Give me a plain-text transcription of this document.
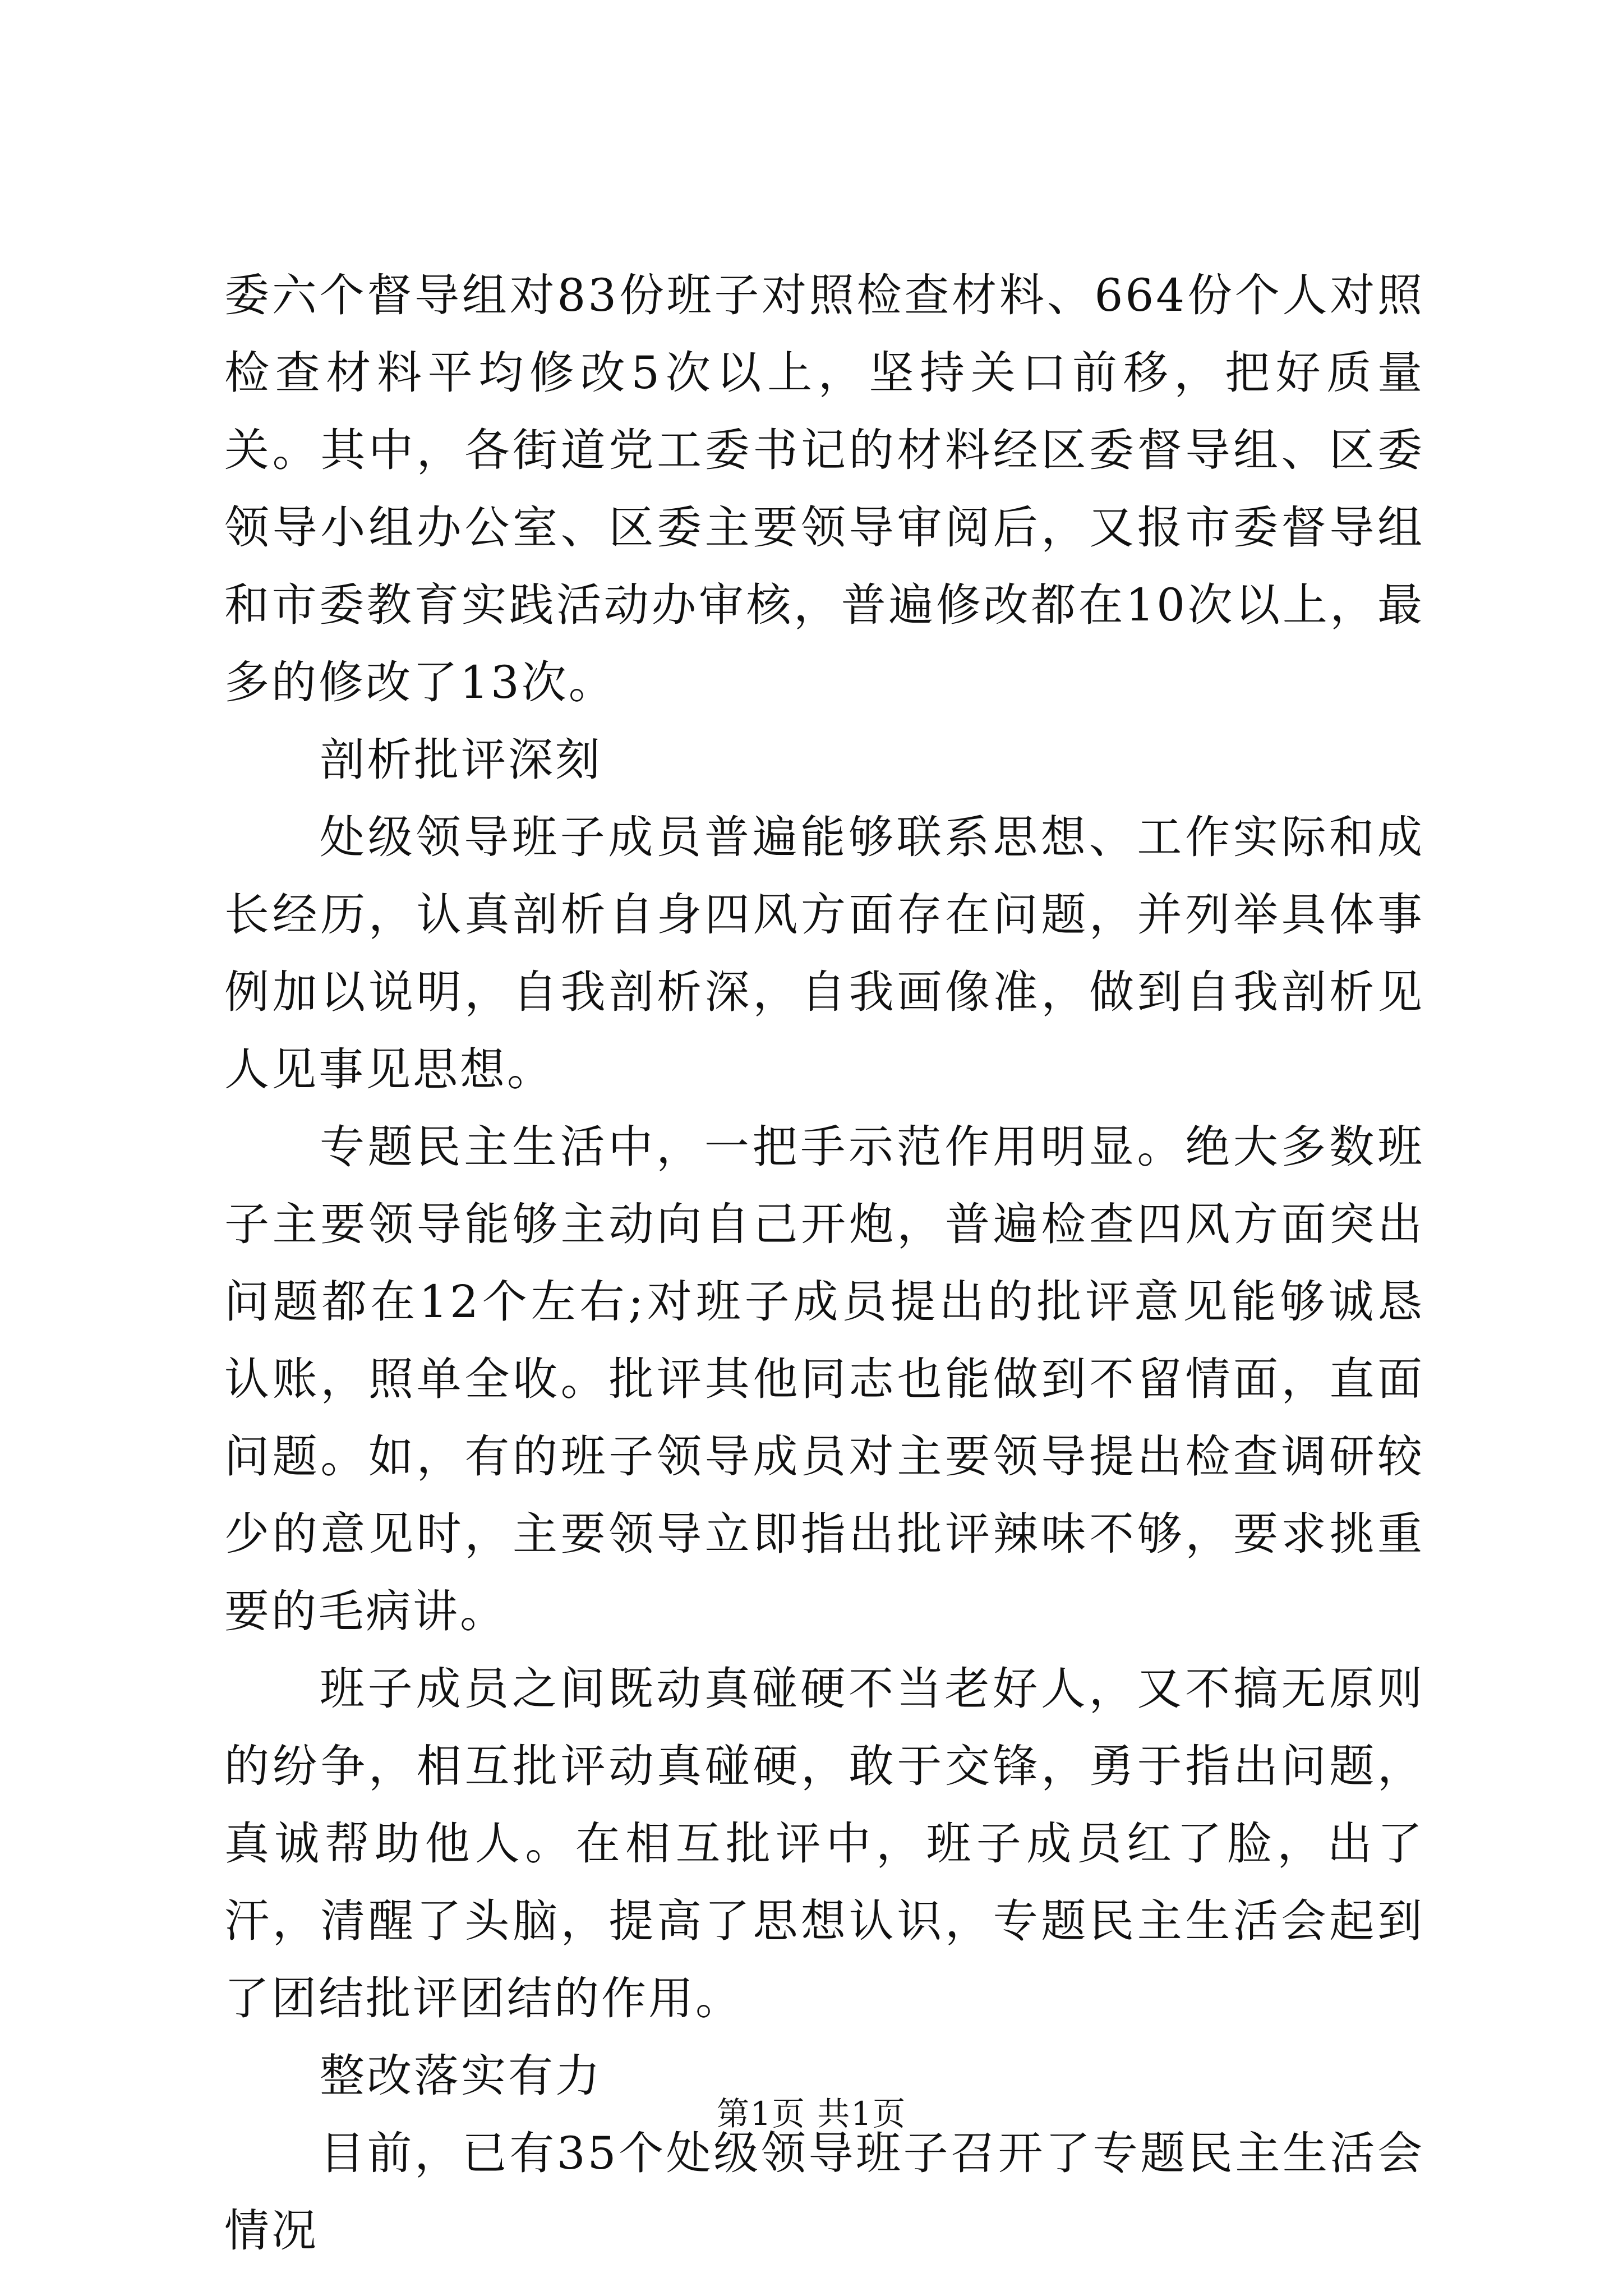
委六个督导组对83份班子对照检查材料、664份个人对照检查材料平均修改5次以上，坚持关口前移，把好质量关。其中，各街道党工委书记的材料经区委督导组、区委领导小组办公室、区委主要领导审阅后，又报市委督导组和市委教育实践活动办审核，普遍修改都在10次以上，最多的修改了13次。

剖析批评深刻

处级领导班子成员普遍能够联系思想、工作实际和成长经历，认真剖析自身四风方面存在问题，并列举具体事例加以说明，自我剖析深，自我画像准，做到自我剖析见人见事见思想。

专题民主生活中，一把手示范作用明显。绝大多数班子主要领导能够主动向自己开炮，普遍检查四风方面突出问题都在12个左右;对班子成员提出的批评意见能够诚恳认账，照单全收。批评其他同志也能做到不留情面，直面问题。如，有的班子领导成员对主要领导提出检查调研较少的意见时，主要领导立即指出批评辣味不够，要求挑重要的毛病讲。

班子成员之间既动真碰硬不当老好人，又不搞无原则的纷争，相互批评动真碰硬，敢于交锋，勇于指出问题，真诚帮助他人。在相互批评中，班子成员红了脸，出了汗，清醒了头脑，提高了思想认识，专题民主生活会起到了团结批评团结的作用。

整改落实有力

目前，已有35个处级领导班子召开了专题民主生活会情况

第1页 共1页
